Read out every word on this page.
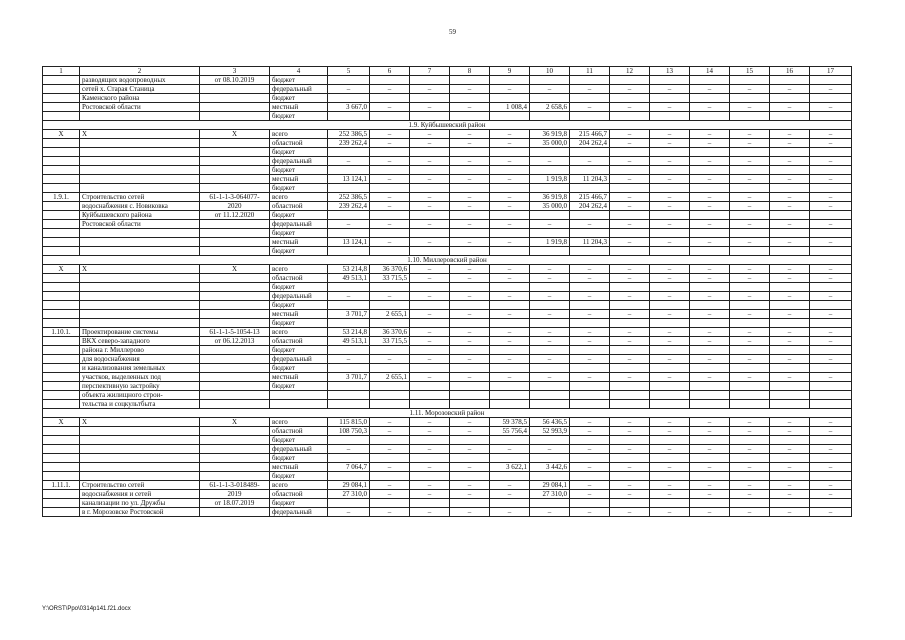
59
1	2	3	4	5	6	7	8	9	10	11	12	13	14	15	16	17
	разводящих водопроводных	от 08.10.2019	бюджет													
	сетей х. Старая Станица		федеральный	–	–	–	–	–	–	–	–	–	–	–	–	–
	Каменского района		бюджет													
	Ростовской области		местный	3 667,0	–	–	–	1 008,4	2 658,6	–	–	–	–	–	–	–
			бюджет													
1.9. Куйбышевский район																
Х	Х	Х	всего	252 386,5	–	–	–	–	36 919,8	215 466,7	–	–	–	–	–	–
			областной	239 262,4	–	–	–	–	35 000,0	204 262,4	–	–	–	–	–	–
			бюджет													
			федеральный	–	–	–	–	–	–	–	–	–	–	–	–	–
			бюджет													
			местный	13 124,1	–	–	–	–	1 919,8	11 204,3	–	–	–	–	–	–
			бюджет													
1.9.1.	Строительство сетей	61-1-1-3-064077-	всего	252 386,5	–	–	–	–	36 919,8	215 466,7	–	–	–	–	–	–
	водоснабжения с. Новиковка	2020	областной	239 262,4	–	–	–	–	35 000,0	204 262,4	–	–	–	–	–	–
	Куйбышевского района	от 11.12.2020	бюджет													
	Ростовской области		федеральный	–	–	–	–	–	–	–	–	–	–	–	–	–
			бюджет													
			местный	13 124,1	–	–	–	–	1 919,8	11 204,3	–	–	–	–	–	–
			бюджет													
1.10. Миллеровский район																
Х	Х	Х	всего	53 214,8	36 370,6	–	–	–	–	–	–	–	–	–	–	–
			областной	49 513,1	33 715,5	–	–	–	–	–	–	–	–	–	–	–
			бюджет													
			федеральный	–	–	–	–	–	–	–	–	–	–	–	–	–
			бюджет													
			местный	3 701,7	2 655,1	–	–	–	–	–	–	–	–	–	–	–
			бюджет													
1.10.1.	Проектирование системы	61-1-1-5-1054-13	всего	53 214,8	36 370,6	–	–	–	–	–	–	–	–	–	–	–
	ВКХ северо-западного	от 06.12.2013	областной	49 513,1	33 715,5	–	–	–	–	–	–	–	–	–	–	–
	района г. Миллерово		бюджет													
	для водоснабжения		федеральный	–	–	–	–	–	–	–	–	–	–	–	–	–
	и канализования земельных		бюджет													
	участков, выделенных под		местный	3 701,7	2 655,1	–	–	–	–	–	–	–	–	–	–	–
	перспективную застройку		бюджет													
	объекта жилищного строи-															
	тельства и соцкультбыта															
1.11. Морозовский район																
Х	Х	Х	всего	115 815,0	–	–	–	59 378,5	56 436,5	–	–	–	–	–	–	–
			областной	108 750,3	–	–	–	55 756,4	52 993,9	–	–	–	–	–	–	–
			бюджет													
			федеральный	–	–	–	–	–	–	–	–	–	–	–	–	–
			бюджет													
			местный	7 064,7	–	–	–	3 622,1	3 442,6	–	–	–	–	–	–	–
			бюджет													
1.11.1.	Строительство сетей	61-1-1-3-018489-	всего	29 084,1	–	–	–	–	29 084,1	–	–	–	–	–	–	–
	водоснабжения и сетей	2019	областной	27 310,0	–	–	–	–	27 310,0	–	–	–	–	–	–	–
	канализации по ул. Дружбы	от 18.07.2019	бюджет													
	в г. Морозовске Ростовской		федеральный	–	–	–	–	–	–	–	–	–	–	–	–	–
Y:\ORST\Ppo\0314p141.f21.docx
